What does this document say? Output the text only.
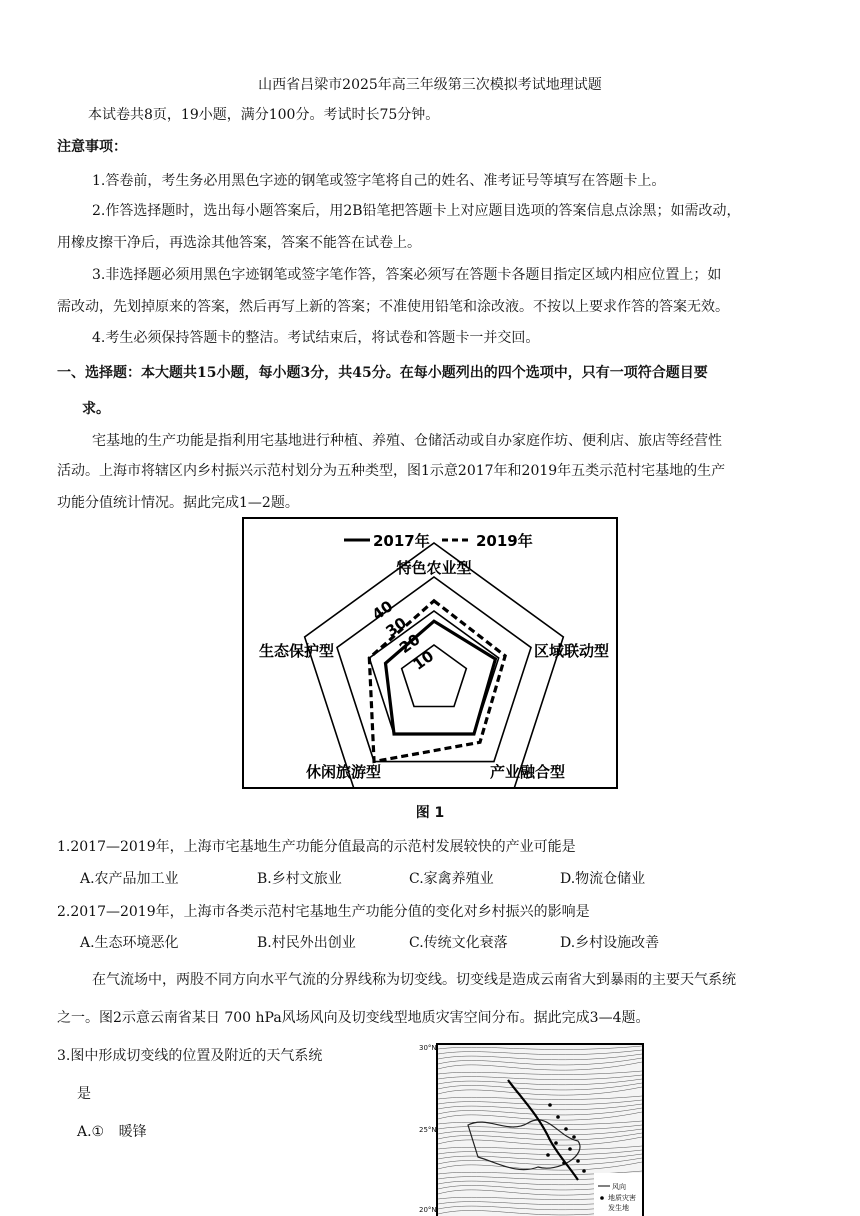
山西省吕梁市2025年高三年级第三次模拟考试地理试题
本试卷共8页，19小题，满分100分。考试时长75分钟。
注意事项：
1.答卷前，考生务必用黑色字迹的钢笔或签字笔将自己的姓名、准考证号等填写在答题卡上。
2.作答选择题时，选出每小题答案后，用2B铅笔把答题卡上对应题目选项的答案信息点涂黑；如需改动，
用橡皮擦干净后，再选涂其他答案，答案不能答在试卷上。
3.非选择题必须用黑色字迹钢笔或签字笔作答，答案必须写在答题卡各题目指定区域内相应位置上；如
需改动，先划掉原来的答案，然后再写上新的答案；不准使用铅笔和涂改液。不按以上要求作答的答案无效。
4.考生必须保持答题卡的整洁。考试结束后，将试卷和答题卡一并交回。
一、选择题：本大题共15小题，每小题3分，共45分。在每小题列出的四个选项中，只有一项符合题目要
求。
宅基地的生产功能是指利用宅基地进行种植、养殖、仓储活动或自办家庭作坊、便利店、旅店等经营性
活动。上海市将辖区内乡村振兴示范村划分为五种类型，图1示意2017年和2019年五类示范村宅基地的生产
功能分值统计情况。据此完成1—2题。
2017年	2019年
10
20
30
40
特色农业型
区域联动型
产业融合型
休闲旅游型
生态保护型
图 1
1.2017—2019年，上海市宅基地生产功能分值最高的示范村发展较快的产业可能是
A.农产品加工业	B.乡村文旅业	C.家禽养殖业	D.物流仓储业
2.2017—2019年，上海市各类示范村宅基地生产功能分值的变化对乡村振兴的影响是
A.生态环境恶化	B.村民外出创业	C.传统文化衰落	D.乡村设施改善
在气流场中，两股不同方向水平气流的分界线称为切变线。切变线是造成云南省大到暴雨的主要天气系统
之一。图2示意云南省某日 700 hPa风场风向及切变线型地质灾害空间分布。据此完成3—4题。
3.图中形成切变线的位置及附近的天气系统
是
A.① 暖锋
风向
地质灾害
发生地
30°N
25°N
20°N
